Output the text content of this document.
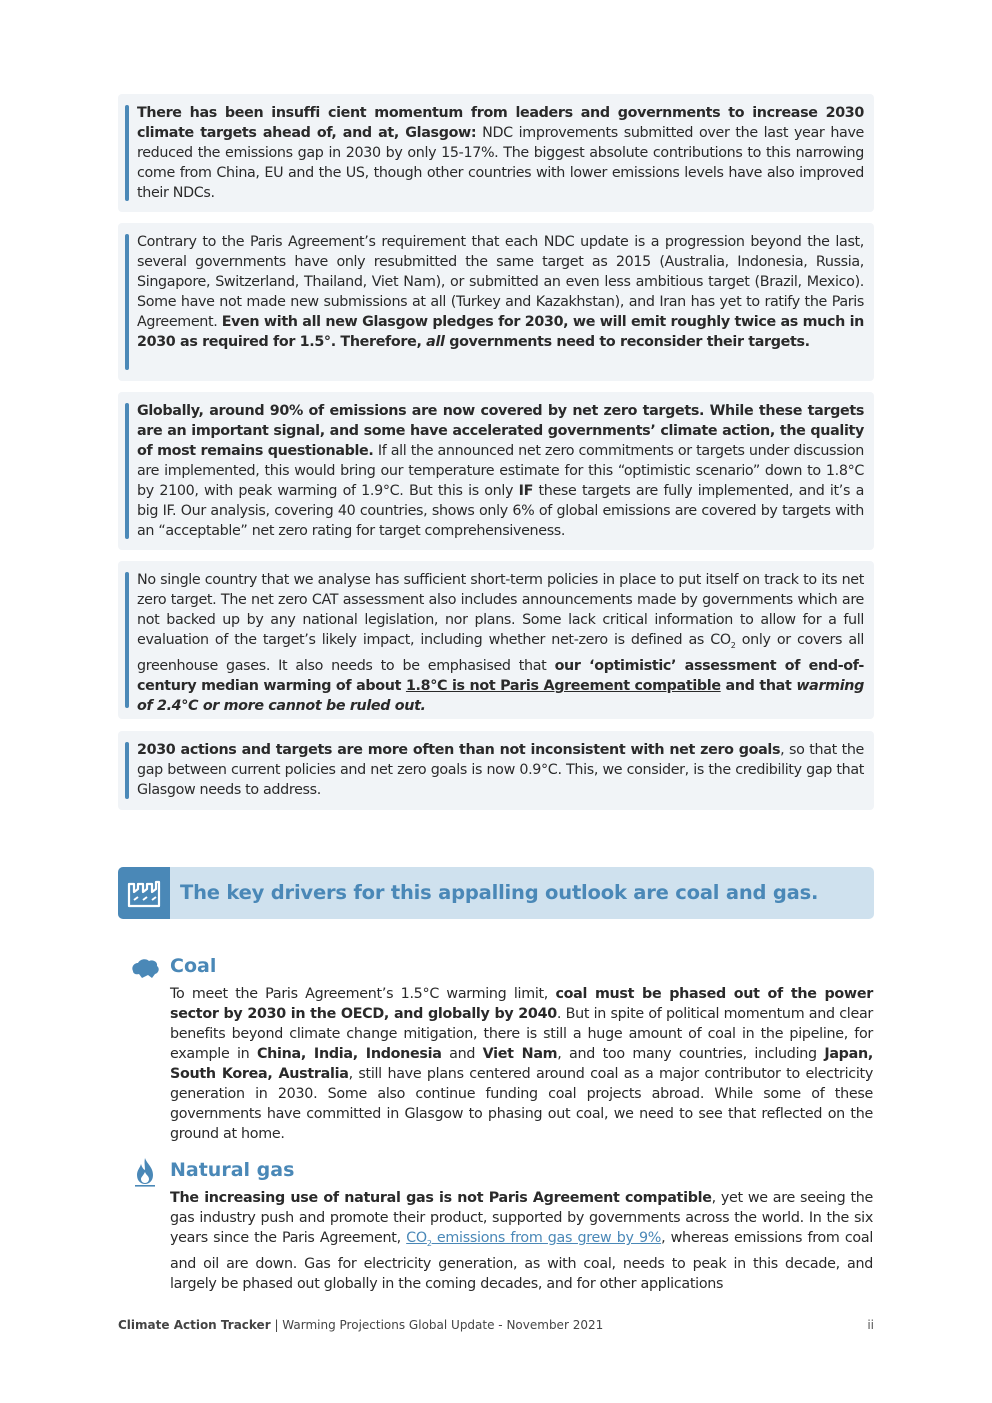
There has been insuffi cient momentum from leaders and governments to increase 2030 climate targets ahead of, and at, Glasgow: NDC improvements submitted over the last year have reduced the emissions gap in 2030 by only 15-17%. The biggest absolute contributions to this narrowing come from China, EU and the US, though other countries with lower emissions levels have also improved their NDCs.
Contrary to the Paris Agreement’s requirement that each NDC update is a progression beyond the last, several governments have only resubmitted the same target as 2015 (Australia, Indonesia, Russia, Singapore, Switzerland, Thailand, Viet Nam), or submitted an even less ambitious target (Brazil, Mexico). Some have not made new submissions at all (Turkey and Kazakhstan), and Iran has yet to ratify the Paris Agreement. Even with all new Glasgow pledges for 2030, we will emit roughly twice as much in 2030 as required for 1.5°. Therefore, all governments need to reconsider their targets.
Globally, around 90% of emissions are now covered by net zero targets. While these targets are an important signal, and some have accelerated governments’ climate action, the quality of most remains questionable. If all the announced net zero commitments or targets under discussion are implemented, this would bring our temperature estimate for this “optimistic scenario” down to 1.8°C by 2100, with peak warming of 1.9°C. But this is only IF these targets are fully implemented, and it’s a big IF. Our analysis, covering 40 countries, shows only 6% of global emissions are covered by targets with an “acceptable” net zero rating for target comprehensiveness.
No single country that we analyse has sufficient short-term policies in place to put itself on track to its net zero target. The net zero CAT assessment also includes announcements made by governments which are not backed up by any national legislation, nor plans. Some lack critical information to allow for a full evaluation of the target’s likely impact, including whether net-zero is defined as $CO_2$ only or covers all greenhouse gases. It also needs to be emphasised that our ‘optimistic’ assessment of end-of-century median warming of about 1.8°C is not Paris Agreement compatible and that warming of 2.4°C or more cannot be ruled out.
2030 actions and targets are more often than not inconsistent with net zero goals, so that the gap between current policies and net zero goals is now 0.9°C. This, we consider, is the credibility gap that Glasgow needs to address.
The key drivers for this appalling outlook are coal and gas.
Coal
To meet the Paris Agreement’s 1.5°C warming limit, coal must be phased out of the power sector by 2030 in the OECD, and globally by 2040. But in spite of political momentum and clear benefits beyond climate change mitigation, there is still a huge amount of coal in the pipeline, for example in China, India, Indonesia and Viet Nam, and too many countries, including Japan, South Korea, Australia, still have plans centered around coal as a major contributor to electricity generation in 2030. Some also continue funding coal projects abroad. While some of these governments have committed in Glasgow to phasing out coal, we need to see that reflected on the ground at home.
Natural gas
The increasing use of natural gas is not Paris Agreement compatible, yet we are seeing the gas industry push and promote their product, supported by governments across the world. In the six years since the Paris Agreement, $CO_2$ emissions from gas grew by 9%, whereas emissions from coal and oil are down. Gas for electricity generation, as with coal, needs to peak in this decade, and largely be phased out globally in the coming decades, and for other applications
Climate Action Tracker | Warming Projections Global Update - November 2021	ii
